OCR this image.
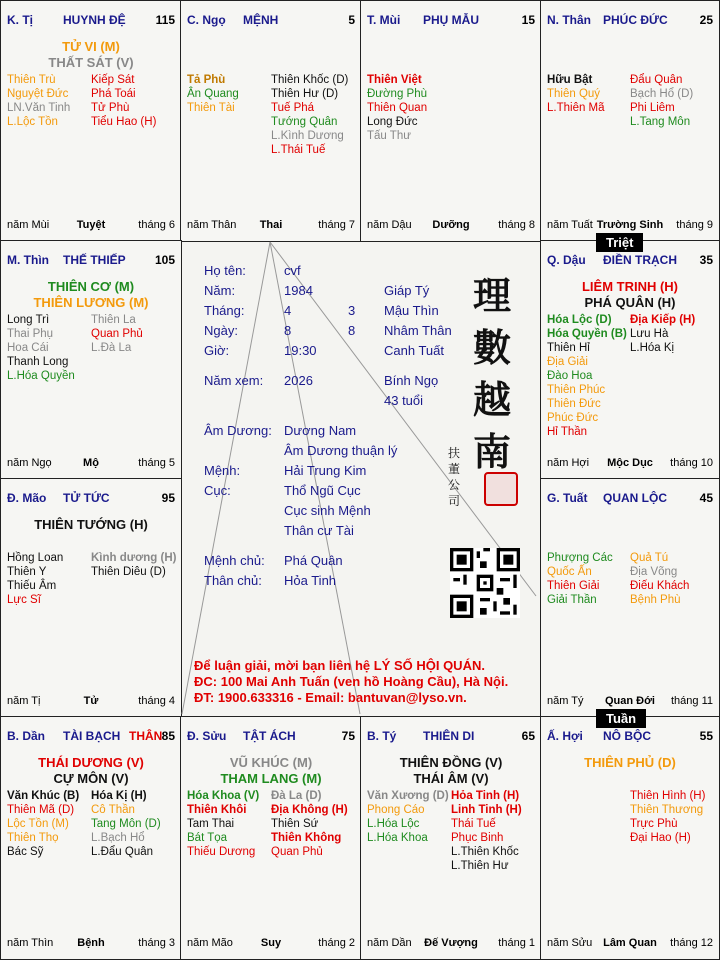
K. Tị	HUYNH ĐỆ 115
TỬ VI (M)
THẤT SÁT (V)
Thiên Trù
Nguyệt Đức
LN.Văn Tinh
L.Lộc Tồn
Kiếp Sát
Phá Toái
Tử Phù
Tiểu Hao (H)
năm Mùi	Tuyệt	tháng 6
C. Ngọ MỆNH	5
Tả Phù
Ân Quang
Thiên Tài
Thiên Khốc (D)
Thiên Hư (D)
Tuế Phá
Tướng Quân
L.Kình Dương
L.Thái Tuế
năm Thân	Thai	tháng 7
T. Mùi PHỤ MẪU	15
Thiên Việt
Đường Phù
Thiên Quan
Long Đức
Tấu Thư
năm Dậu	Dưỡng	tháng 8
N. Thân PHÚC ĐỨC	25
Hữu Bật
Thiên Quý
L.Thiên Mã
Đẩu Quân
Bạch Hổ (D)
Phi Liêm
L.Tang Môn
năm Tuất Trường Sinh	tháng 9
M. Thìn THẾ THIẾP 105
THIÊN CƠ (M)
THIÊN LƯƠNG (M)
Long Trì
Thai Phụ
Hoa Cái
Thanh Long
L.Hóa Quyền
Thiên La
Quan Phủ
L.Đà La
năm Ngọ	Mộ	tháng 5
Q. Dậu ĐIỀN TRẠCH 35
LIÊM TRINH (H)
PHÁ QUÂN (H)
Hóa Lộc (D)
Hóa Quyền (B)
Thiên Hỉ
Địa Giải
Đào Hoa
Thiên Phúc
Thiên Đức
Phúc Đức
Hỉ Thần
Địa Kiếp (H)
Lưu Hà
L.Hóa Kị
năm Hợi	Mộc Dục	tháng 10
Đ. Mão TỬ TỨC	95
THIÊN TƯỚNG (H)
Hồng Loan
Thiên Y
Thiếu Âm
Lực Sĩ
Kình dương (H)
Thiên Diêu (D)
năm Tị	Tử	tháng 4
G. Tuất QUAN LỘC	45
Phượng Các
Quốc Ấn
Thiên Giải
Giải Thần
Quả Tú
Địa Võng
Điếu Khách
Bệnh Phù
năm Tý	Quan Đới	tháng 11
B. Dần TÀI BẠCH THÂN 85
THÁI DƯƠNG (V)
CỰ MÔN (V)
Văn Khúc (B)
Thiên Mã (D)
Lộc Tồn (M)
Thiên Thọ
Bác Sỹ
Hóa Kị (H)
Cô Thần
Tang Môn (D)
L.Bạch Hổ
L.Đẩu Quân
năm Thìn	Bệnh	tháng 3
Đ. Sửu TẬT ÁCH	75
VŨ KHÚC (M)
THAM LANG (M)
Hóa Khoa (V)
Thiên Khôi
Tam Thai
Bát Tọa
Thiếu Dương
Đà La (D)
Địa Không (H)
Thiên Sứ
Thiên Không
Quan Phủ
năm Mão	Suy	tháng 2
B. Tý THIÊN DI	65
THIÊN ĐỒNG (V)
THÁI ÂM (V)
Văn Xương (D)
Phong Cáo
L.Hóa Lộc
L.Hóa Khoa
Hỏa Tinh (H)
Linh Tinh (H)
Thái Tuế
Phục Binh
L.Thiên Khốc
L.Thiên Hư
năm Dần	Đế Vượng	tháng 1
Ấ. Hợi NÔ BỘC	55
THIÊN PHỦ (D)
Thiên Hình (H)
Thiên Thương
Trực Phù
Đại Hao (H)
năm Sửu Lâm Quan	tháng 12
Họ tên:	cvf
Năm:	1984	Giáp Tý
Tháng:	4	3 Mậu Thìn
Ngày:	8	8 Nhâm Thân
Giờ:	19:30	Canh Tuất
Năm xem: 2026	Bính Ngọ
43 tuổi
Âm Dương: Dương Nam
Âm Dương thuận lý
Mệnh:	Hải Trung Kim
Cục:	Thổ Ngũ Cục
Cục sinh Mệnh
Thân cư Tài
Mệnh chủ: Phá Quân
Thân chủ: Hỏa Tinh
理
數
越
南
扶 董 公 司
Để luận giải, mời bạn liên hệ LÝ SỐ HỘI QUÁN.
ĐC: 100 Mai Anh Tuấn (ven hồ Hoàng Cầu), Hà Nội.
ĐT: 1900.633316 - Email: bantuvan@lyso.vn.
Triệt
Tuần
